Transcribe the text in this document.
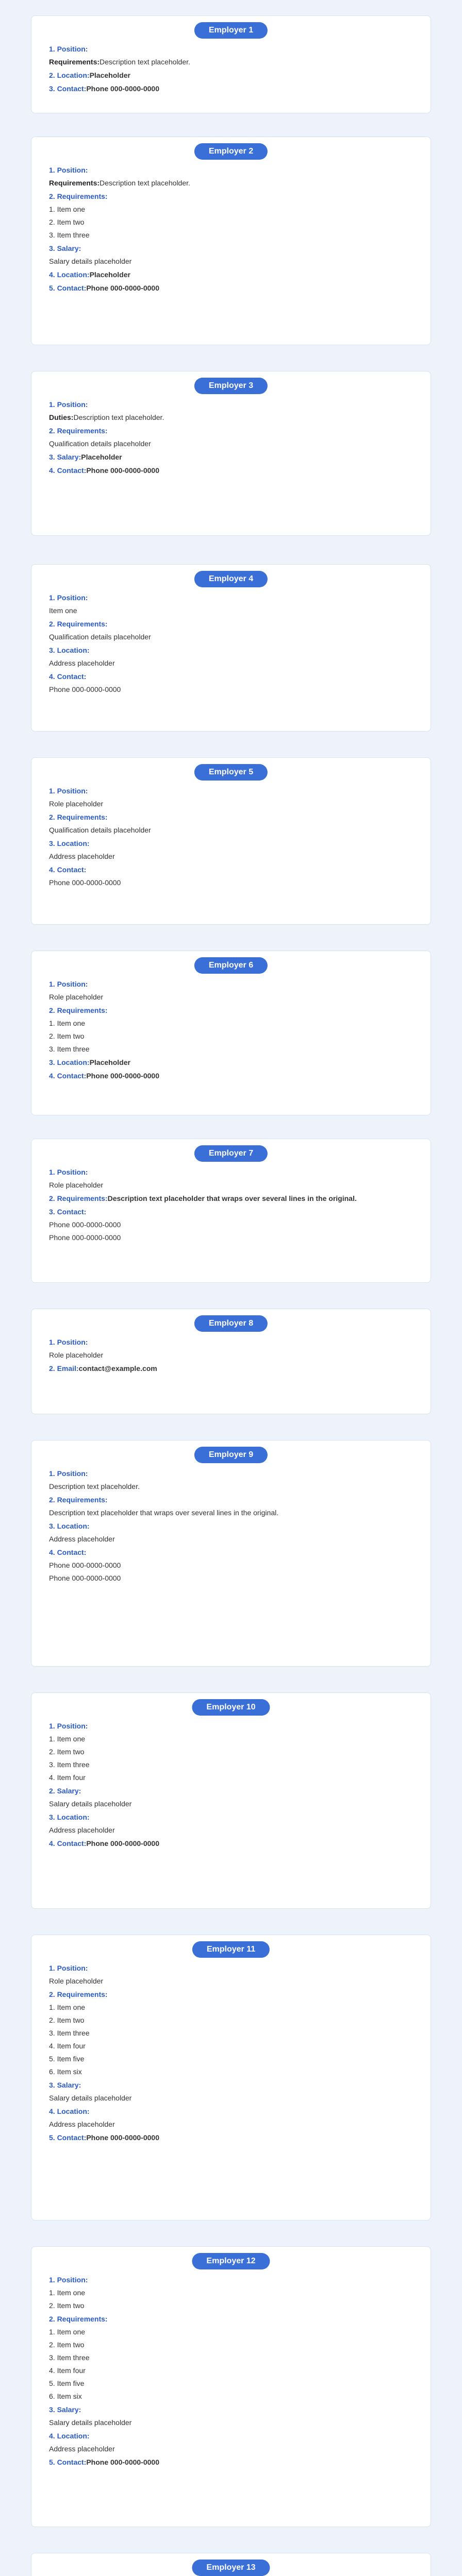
Employer 1
1. Position:
Requirements: Description text placeholder.
2. Location: Placeholder
3. Contact: Phone 000-0000-0000
Employer 2
1. Position:
Requirements: Description text placeholder.
2. Requirements:
1. Item one
2. Item two
3. Item three
3. Salary:
Salary details placeholder
4. Location: Placeholder
5. Contact: Phone 000-0000-0000
Employer 3
1. Position:
Duties: Description text placeholder.
2. Requirements:
Qualification details placeholder
3. Salary: Placeholder
4. Contact: Phone 000-0000-0000
Employer 4
1. Position:
Item one
2. Requirements:
Qualification details placeholder
3. Location:
Address placeholder
4. Contact:
Phone 000-0000-0000
Employer 5
1. Position:
Role placeholder
2. Requirements:
Qualification details placeholder
3. Location:
Address placeholder
4. Contact:
Phone 000-0000-0000
Employer 6
1. Position:
Role placeholder
2. Requirements:
1. Item one
2. Item two
3. Item three
3. Location: Placeholder
4. Contact: Phone 000-0000-0000
Employer 7
1. Position:
Role placeholder
2. Requirements: Description text placeholder that wraps over several lines in the original.
3. Contact:
Phone 000-0000-0000
Phone 000-0000-0000
Employer 8
1. Position:
Role placeholder
2. Email: contact@example.com
Employer 9
1. Position:
Description text placeholder.
2. Requirements:
Description text placeholder that wraps over several lines in the original.
3. Location:
Address placeholder
4. Contact:
Phone 000-0000-0000
Phone 000-0000-0000
Employer 10
1. Position:
1. Item one
2. Item two
3. Item three
4. Item four
2. Salary:
Salary details placeholder
3. Location:
Address placeholder
4. Contact: Phone 000-0000-0000
Employer 11
1. Position:
Role placeholder
2. Requirements:
1. Item one
2. Item two
3. Item three
4. Item four
5. Item five
6. Item six
3. Salary:
Salary details placeholder
4. Location:
Address placeholder
5. Contact: Phone 000-0000-0000
Employer 12
1. Position:
1. Item one
2. Item two
2. Requirements:
1. Item one
2. Item two
3. Item three
4. Item four
5. Item five
6. Item six
3. Salary:
Salary details placeholder
4. Location:
Address placeholder
5. Contact: Phone 000-0000-0000
Employer 13
